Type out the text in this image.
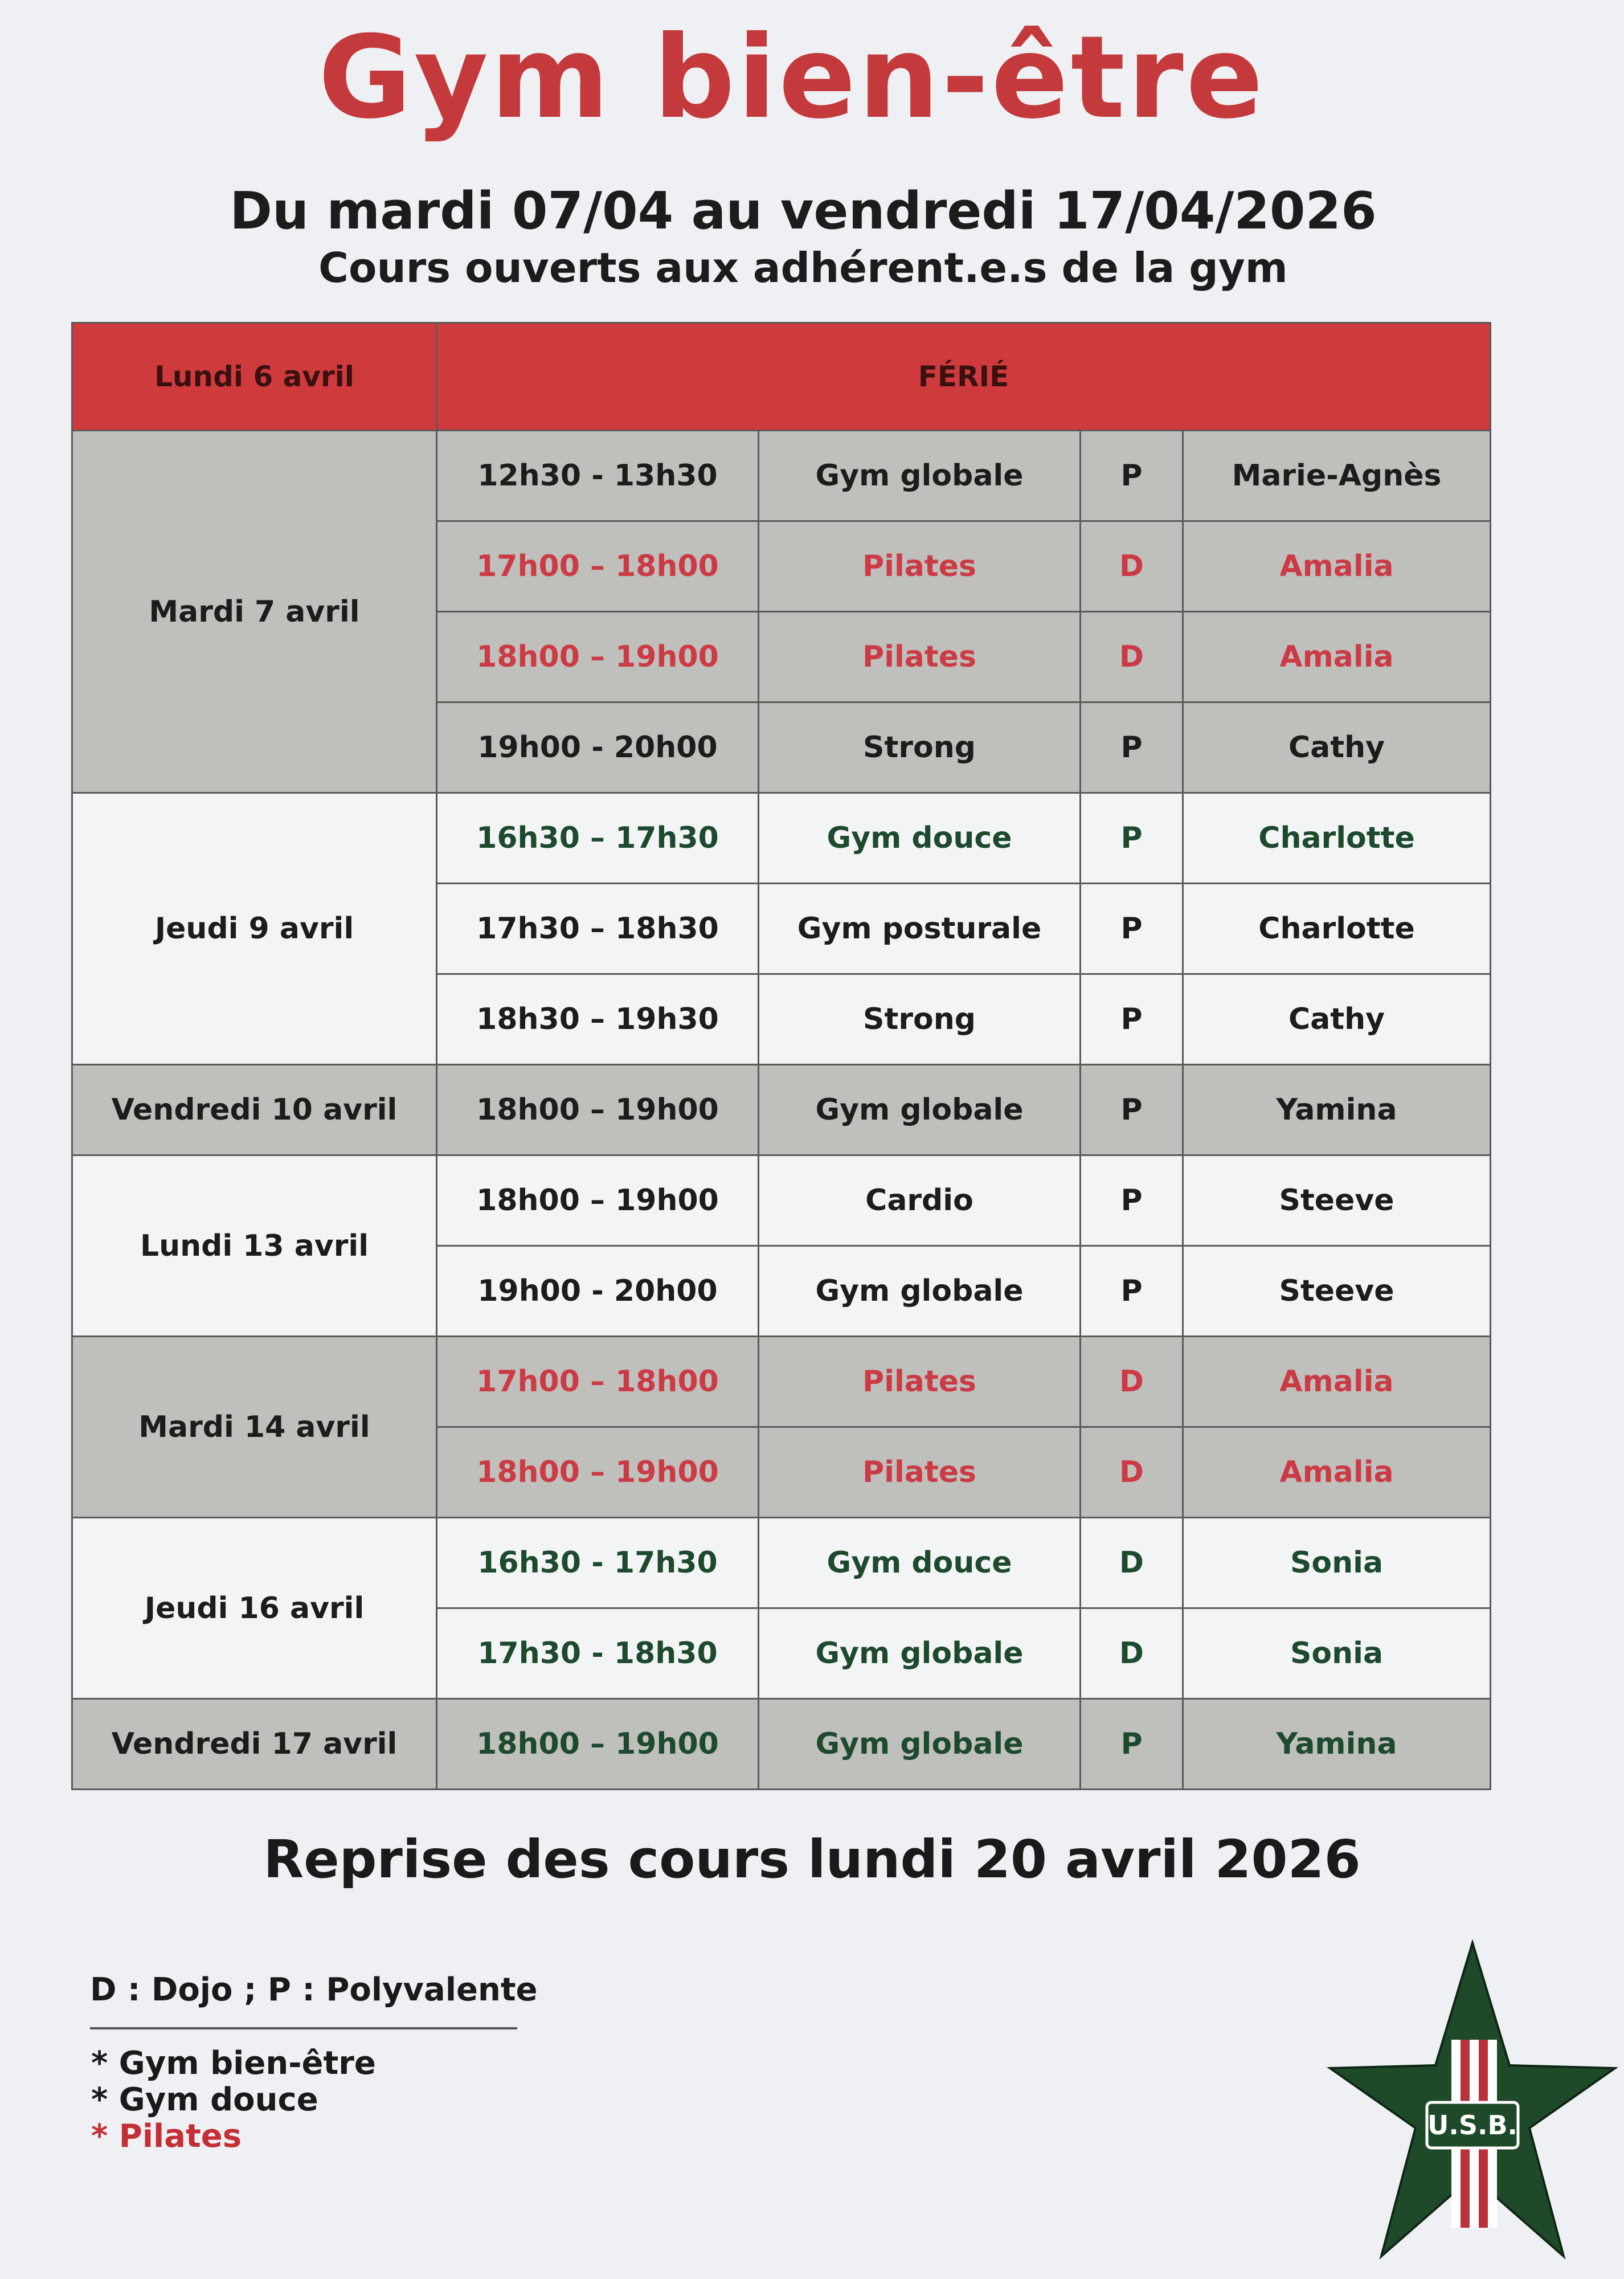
Gym bien-être
Du mardi 07/04 au vendredi 17/04/2026
Cours ouverts aux adhérent.e.s de la gym
Lundi 6 avril	FÉRIÉ			
Mardi 7 avril	12h30 - 13h30	Gym globale	P	Marie-Agnès
	17h00 – 18h00	Pilates	D	Amalia
	18h00 – 19h00	Pilates	D	Amalia
	19h00 - 20h00	Strong	P	Cathy
Jeudi 9 avril	16h30 – 17h30	Gym douce	P	Charlotte
	17h30 – 18h30	Gym posturale	P	Charlotte
	18h30 – 19h30	Strong	P	Cathy
Vendredi 10 avril	18h00 – 19h00	Gym globale	P	Yamina
Lundi 13 avril	18h00 – 19h00	Cardio	P	Steeve
	19h00 - 20h00	Gym globale	P	Steeve
Mardi 14 avril	17h00 – 18h00	Pilates	D	Amalia
	18h00 – 19h00	Pilates	D	Amalia
Jeudi 16 avril	16h30 - 17h30	Gym douce	D	Sonia
	17h30 - 18h30	Gym globale	D	Sonia
Vendredi 17 avril	18h00 – 19h00	Gym globale	P	Yamina
Reprise des cours lundi 20 avril 2026
D : Dojo ; P : Polyvalente
* Gym bien-être
* Gym douce
* Pilates	U.S.B.
